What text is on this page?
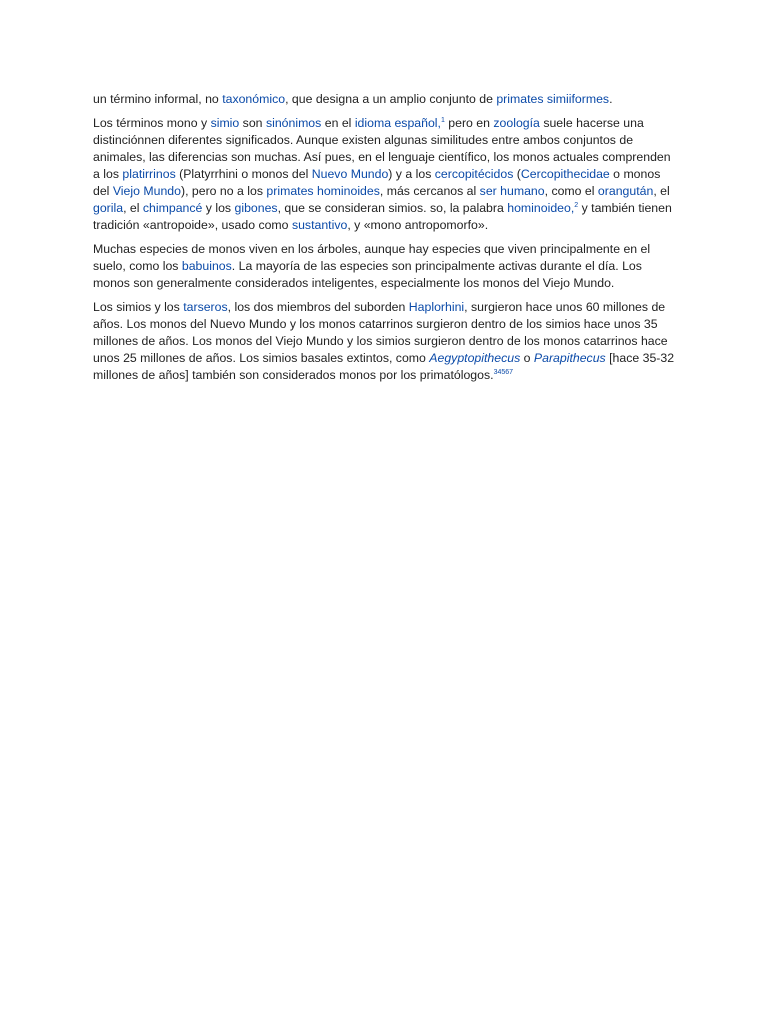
un término informal, no taxonómico, que designa a un amplio conjunto de primates simiiformes.

Los términos mono y simio son sinónimos en el idioma español,$^1$ pero en zoología suele hacerse una distinciónnen diferentes significados. Aunque existen algunas similitudes entre ambos conjuntos de animales, las diferencias son muchas. Así pues, en el lenguaje científico, los monos actuales comprenden a los platirrinos (Platyrrhini o monos del Nuevo Mundo) y a los cercopitécidos (Cercopithecidae o monos del Viejo Mundo), pero no a los primates hominoides, más cercanos al ser humano, como el orangután, el gorila, el chimpancé y los gibones, que se consideran simios. so, la palabra hominoideo,$^2$ y también tienen tradición «antropoide», usado como sustantivo, y «mono antropomorfo».

Muchas especies de monos viven en los árboles, aunque hay especies que viven principalmente en el suelo, como los babuinos. La mayoría de las especies son principalmente activas durante el día. Los monos son generalmente considerados inteligentes, especialmente los monos del Viejo Mundo.

Los simios y los tarseros, los dos miembros del suborden Haplorhini, surgieron hace unos 60 millones de años. Los monos del Nuevo Mundo y los monos catarrinos surgieron dentro de los simios hace unos 35 millones de años. Los monos del Viejo Mundo y los simios surgieron dentro de los monos catarrinos hace unos 25 millones de años. Los simios basales extintos, como Aegyptopithecus o Parapithecus [hace 35-32 millones de años] también son considerados monos por los primatólogos.$^{34567}$
